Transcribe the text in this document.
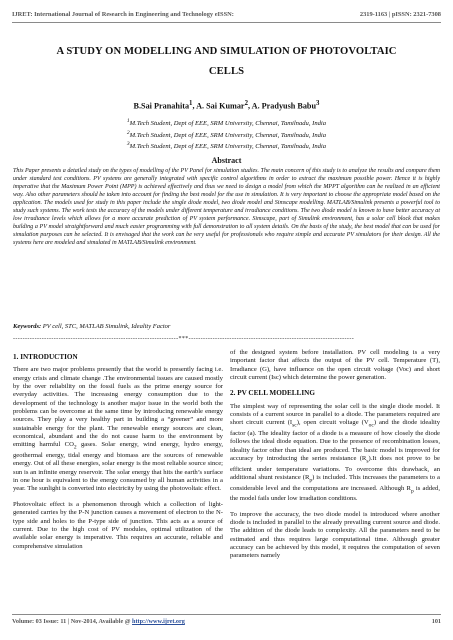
IJRET: International Journal of Research in Engineering and Technology eISSN:	2319-1163 | pISSN: 2321-7308
A STUDY ON MODELLING AND SIMULATION OF PHOTOVOLTAIC
CELLS
B.Sai Pranahita$^1$, A. Sai Kumar$^2$, A. Pradyush Babu$^3$
$^1$M.Tech Student, Dept of EEE, SRM University, Chennai, Tamilnadu, India
$^2$M.Tech Student, Dept of EEE, SRM University, Chennai, Tamilnadu, India
$^3$M.Tech Student, Dept of EEE, SRM University, Chennai, Tamilnadu, India
Abstract

This Paper presents a detailed study on the types of modelling of the PV Panel for simulation studies. The main concern of this study is to analyze the results and compare them under standard test conditions. PV systems are generally integrated with specific control algorithms in order to extract the maximum possible power. Hence it is highly imperative that the Maximum Power Point (MPP) is achieved effectively and thus we need to design a model from which the MPPT algorithm can be realized in an efficient way. Also other parameters should be taken into account for finding the best model for the use in simulation. It is very important to choose the appropriate model based on the application. The models used for study in this paper include the single diode model, two diode model and Simscape modelling. MATLAB/Simulink presents a powerful tool to study such systems. The work tests the accuracy of the models under different temperature and irradiance conditions. The two diode model is known to have better accuracy at low irradiance levels which allows for a more accurate prediction of PV system performance. Simscape, part of Simulink environment, has a solar cell block that makes building a PV model straightforward and much easier programming with full demonstration to all system details. On the basis of the study, the best model that can be used for simulation purposes can be selected. It is envisaged that the work can be very useful for professionals who require simple and accurate PV simulators for their design. All the systems here are modeled and simulated in MATLAB/Simulink environment.

Keywords: PV cell, STC, MATLAB Simulink, Ideality Factor
---------------------------------------------------------------------***---------------------------------------------------------------------
1. INTRODUCTION

There are two major problems presently that the world is presently facing i.e. energy crisis and climate change .The environmental issues are caused mostly by the over reliability on the fossil fuels as the prime energy source for everyday activities. The increasing energy consumption due to the development of the technology is another major issue in the world both the problems can be overcome at the same time by introducing renewable energy sources. They play a very healthy part in building a “greener” and more sustainable energy for the plant. The renewable energy sources are clean, economical, abundant and the do not cause harm to the environment by emitting harmful $CO_2$ gases. Solar energy, wind energy, hydro energy, geothermal energy, tidal energy and biomass are the sources of renewable energy. Out of all these energies, solar energy is the most reliable source since; sun is an infinite energy reservoir. The solar energy that hits the earth’s surface in one hour is equivalent to the energy consumed by all human activities in a year. The sunlight is converted into electricity by using the photovoltaic effect.

Photovoltaic effect is a phenomenon through which a collection of light-generated carries by the P-N junction causes a movement of electron to the N-type side and holes to the P-type side of junction. This acts as a source of current. Due to the high cost of PV modules, optimal utilization of the available solar energy is imperative. This requires an accurate, reliable and comprehensive simulation

of the designed system before installation. PV cell modeling is a very important factor that affects the output of the PV cell. Temperature (T), Irradiance (G), have influence on the open circuit voltage (Voc) and short circuit current (Isc) which determine the power generation.

2. PV CELL MODELLING

The simplest way of representing the solar cell is the single diode model. It consists of a current source in parallel to a diode. The parameters required are short circuit current $(I_{sc})$, open circuit voltage $(V_{oc})$ and the diode ideality factor (a). The ideality factor of a diode is a measure of how closely the diode follows the ideal diode equation. Due to the presence of recombination losses, ideality factor other than ideal are produced. The basic model is improved for accuracy by introducing the series resistance $(R_s).It$ does not prove to be efficient under temperature variations. To overcome this drawback, an additional shunt resistance $(R_p)$ is included. This increases the parameters to a considerable level and the computations are increased. Although $R_p$ is added, the model fails under low irradiation conditions.

To improve the accuracy, the two diode model is introduced where another diode is included in parallel to the already prevailing current source and diode. The addition of the diode leads to complexity. All the parameters need to be estimated and thus requires large computational time. Although greater accuracy can be achieved by this model, it requires the computation of seven parameters namely

Volume: 03 Issue: 11 | Nov-2014, Available @ http://www.ijret.org	101
